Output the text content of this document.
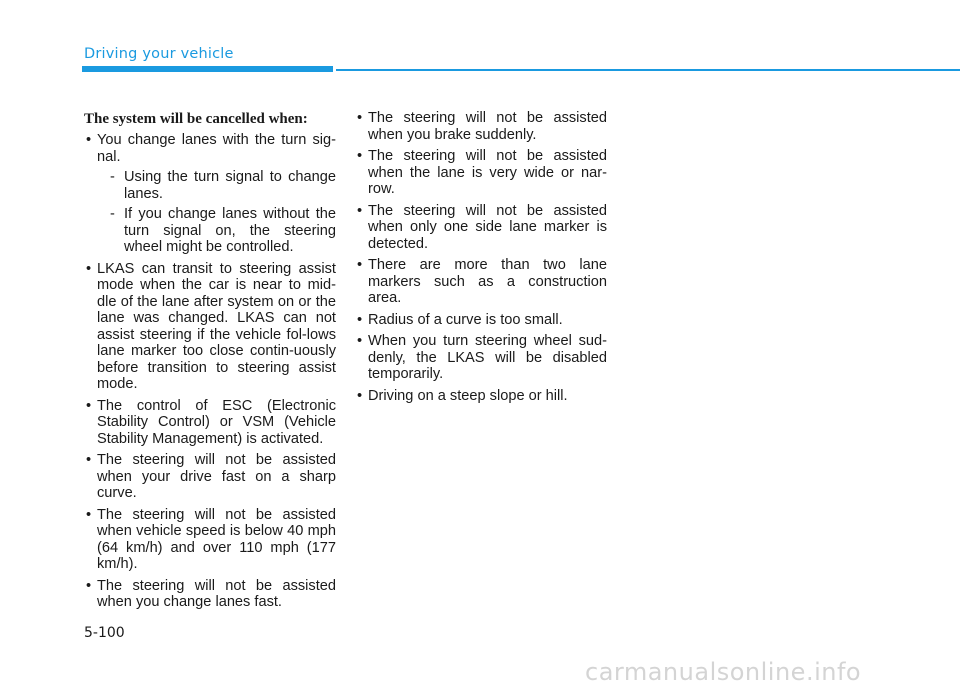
Driving your vehicle
The system will be cancelled when:
• You change lanes with the turn sig-nal.
- Using the turn signal to change lanes.
- If you change lanes without the turn signal on, the steering wheel might be controlled.
• LKAS can transit to steering assist mode when the car is near to mid-dle of the lane after system on or the lane was changed. LKAS can not assist steering if the vehicle fol-lows lane marker too close contin-uously before transition to steering assist mode.
• The control of ESC (Electronic Stability Control) or VSM (Vehicle Stability Management) is activated.
• The steering will not be assisted when your drive fast on a sharp curve.
• The steering will not be assisted when vehicle speed is below 40 mph (64 km/h) and over 110 mph (177 km/h).
• The steering will not be assisted when you change lanes fast.
• The steering will not be assisted when you brake suddenly.
• The steering will not be assisted when the lane is very wide or nar-row.
• The steering will not be assisted when only one side lane marker is detected.
• There are more than two lane markers such as a construction area.
• Radius of a curve is too small.
• When you turn steering wheel sud-denly, the LKAS will be disabled temporarily.
• Driving on a steep slope or hill.
5-100
carmanualsonline.info
